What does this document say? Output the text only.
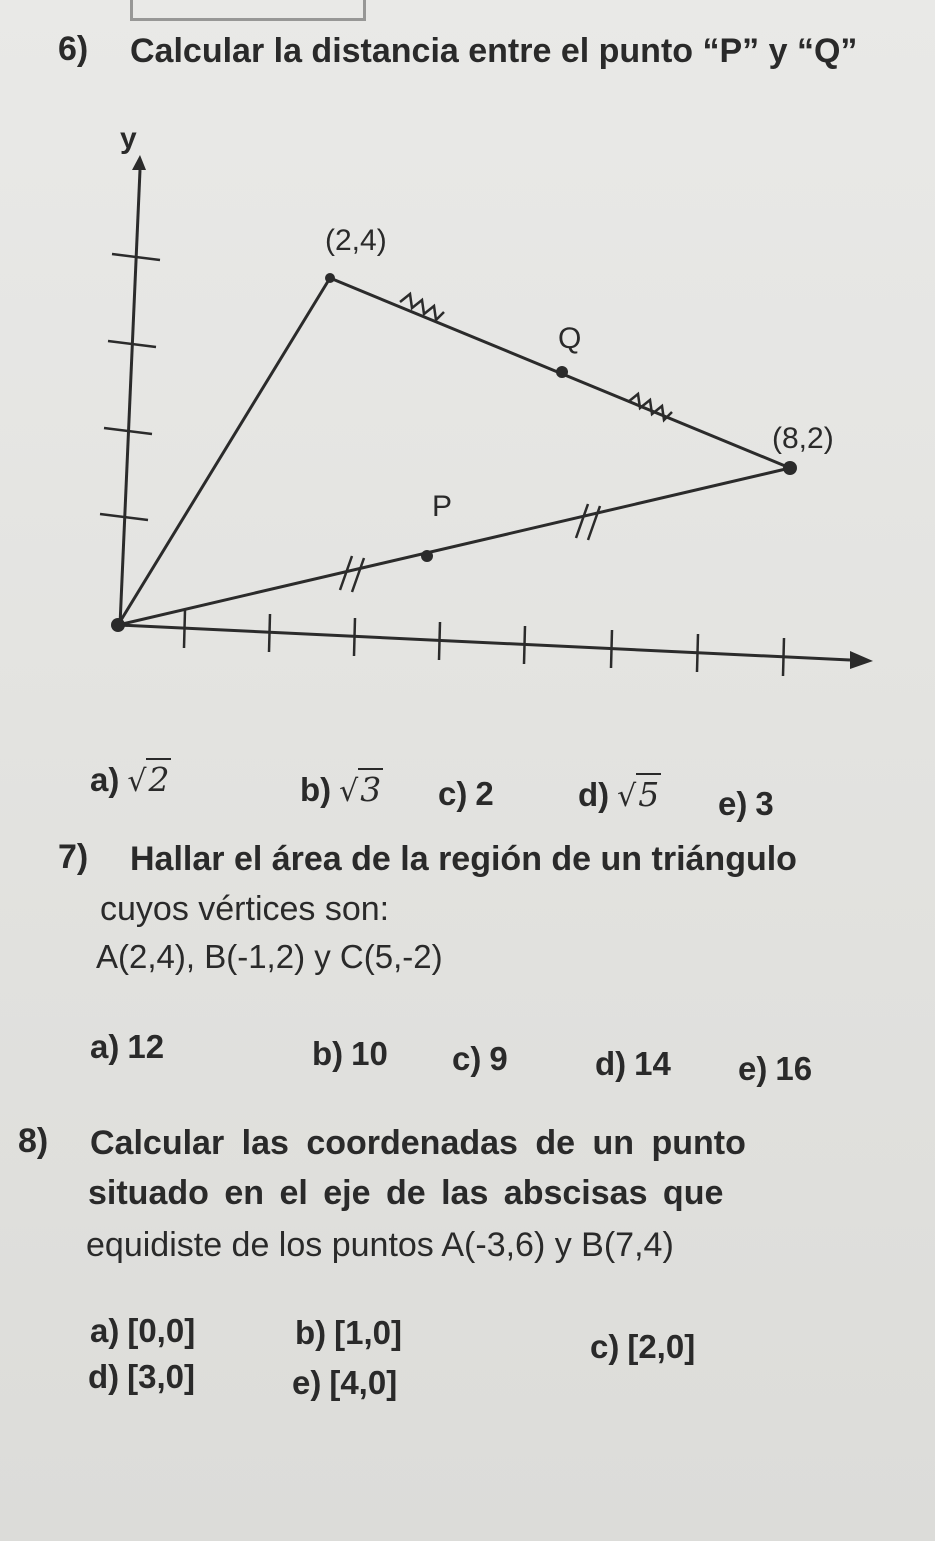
6) Calcular la distancia entre el punto “P” y “Q”
y
(2,4)
(8,2)
Q
P
a) √2	b) √3 c) 2	d) √5 e) 3
7) Hallar el área de la región de un triángulo
cuyos vértices son:
A(2,4), B(-1,2) y C(5,-2)
a) 12	b) 10 c) 9	d) 14 e) 16
8) Calcular las coordenadas de un punto
situado en el eje de las abscisas que
equidiste de los puntos A(-3,6) y B(7,4)
a) [0,0]	b) [1,0]	c) [2,0]
d) [3,0]	e) [4,0]
